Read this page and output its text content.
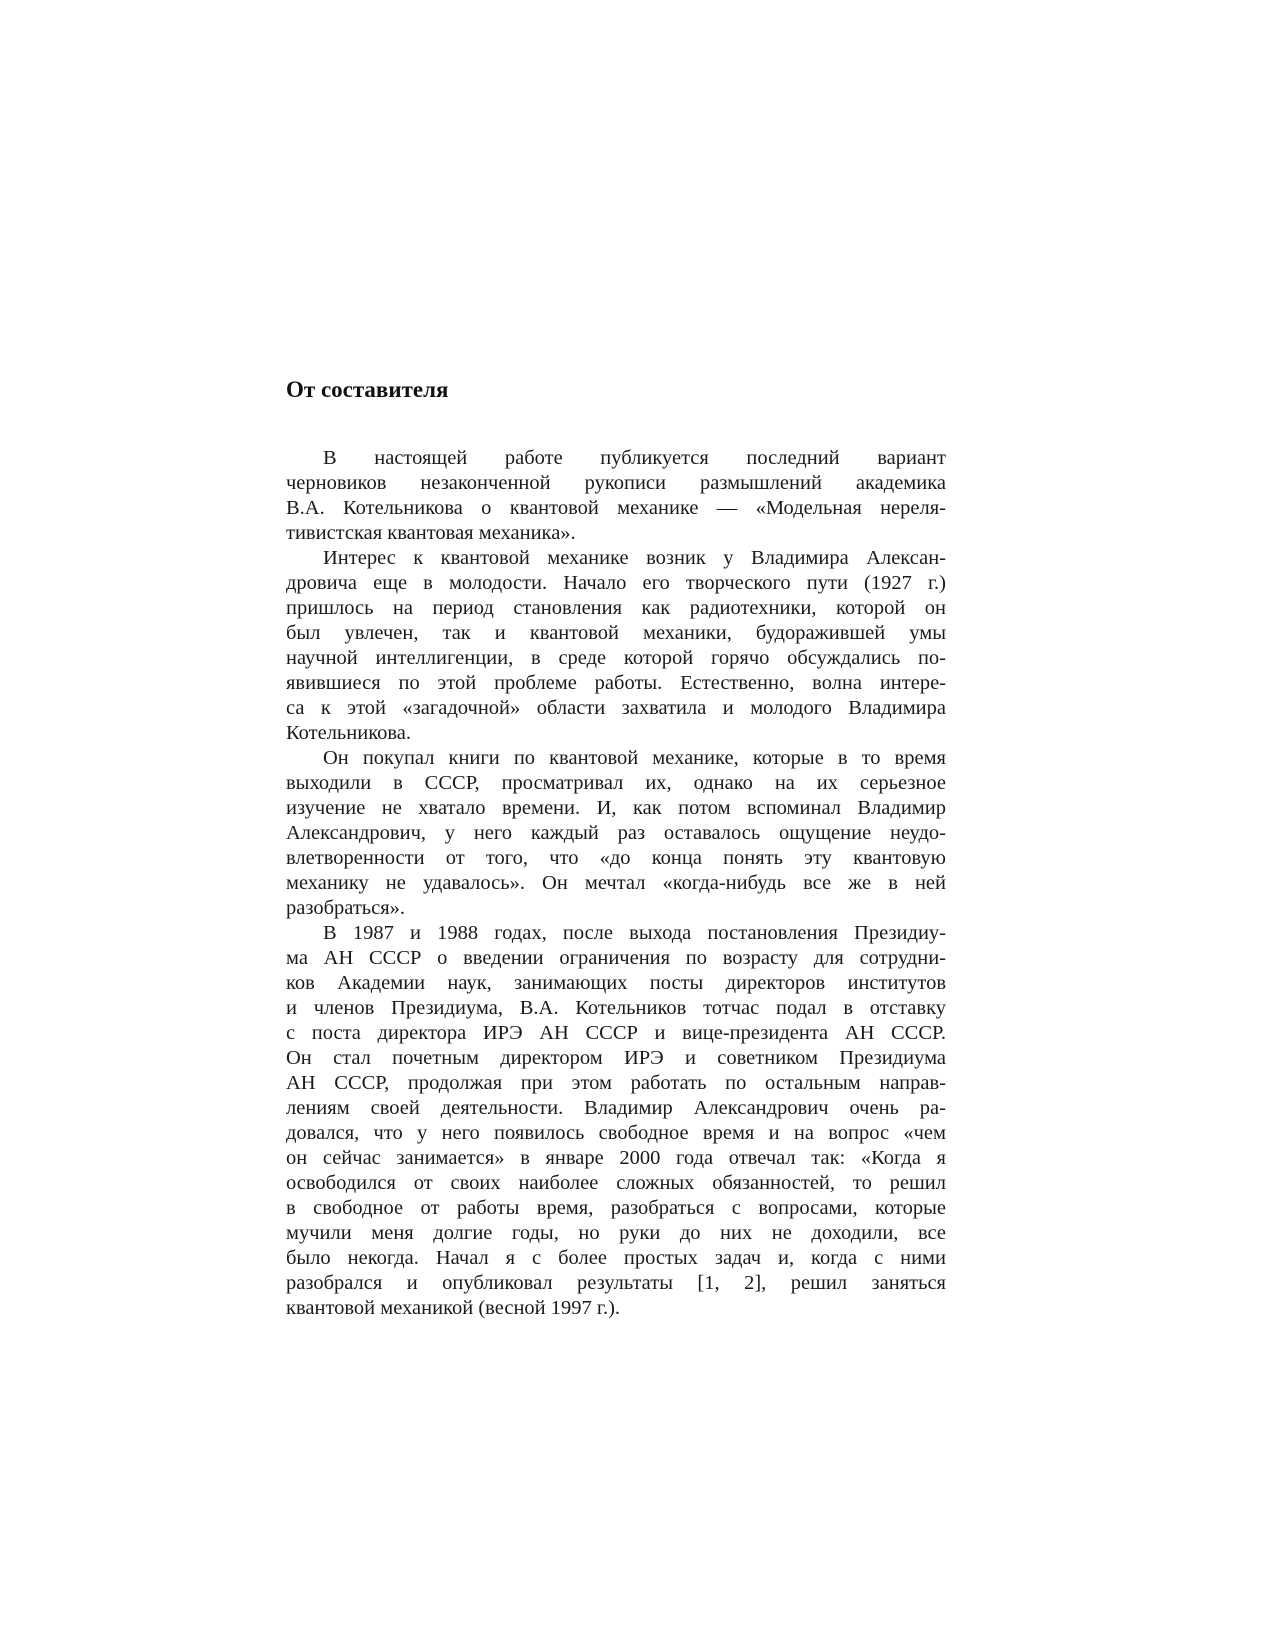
От составителя
В настоящей работе публикуется последний вариант
черновиков незаконченной рукописи размышлений академика
В.А. Котельникова о квантовой механике — «Модельная нереля-
тивистская квантовая механика».
Интерес к квантовой механике возник у Владимира Алексан-
дровича еще в молодости. Начало его творческого пути (1927 г.)
пришлось на период становления как радиотехники, которой он
был увлечен, так и квантовой механики, будоражившей умы
научной интеллигенции, в среде которой горячо обсуждались по-
явившиеся по этой проблеме работы. Естественно, волна интере-
са к этой «загадочной» области захватила и молодого Владимира
Котельникова.
Он покупал книги по квантовой механике, которые в то время
выходили в СССР, просматривал их, однако на их серьезное
изучение не хватало времени. И, как потом вспоминал Владимир
Александрович, у него каждый раз оставалось ощущение неудо-
влетворенности от того, что «до конца понять эту квантовую
механику не удавалось». Он мечтал «когда-нибудь все же в ней
разобраться».
В 1987 и 1988 годах, после выхода постановления Президиу-
ма АН СССР о введении ограничения по возрасту для сотрудни-
ков Академии наук, занимающих посты директоров институтов
и членов Президиума, В.А. Котельников тотчас подал в отставку
с поста директора ИРЭ АН СССР и вице-президента АН СССР.
Он стал почетным директором ИРЭ и советником Президиума
АН СССР, продолжая при этом работать по остальным направ-
лениям своей деятельности. Владимир Александрович очень ра-
довался, что у него появилось свободное время и на вопрос «чем
он сейчас занимается» в январе 2000 года отвечал так: «Когда я
освободился от своих наиболее сложных обязанностей, то решил
в свободное от работы время, разобраться с вопросами, которые
мучили меня долгие годы, но руки до них не доходили, все
было некогда. Начал я с более простых задач и, когда с ними
разобрался и опубликовал результаты [1, 2], решил заняться
квантовой механикой (весной 1997 г.).
